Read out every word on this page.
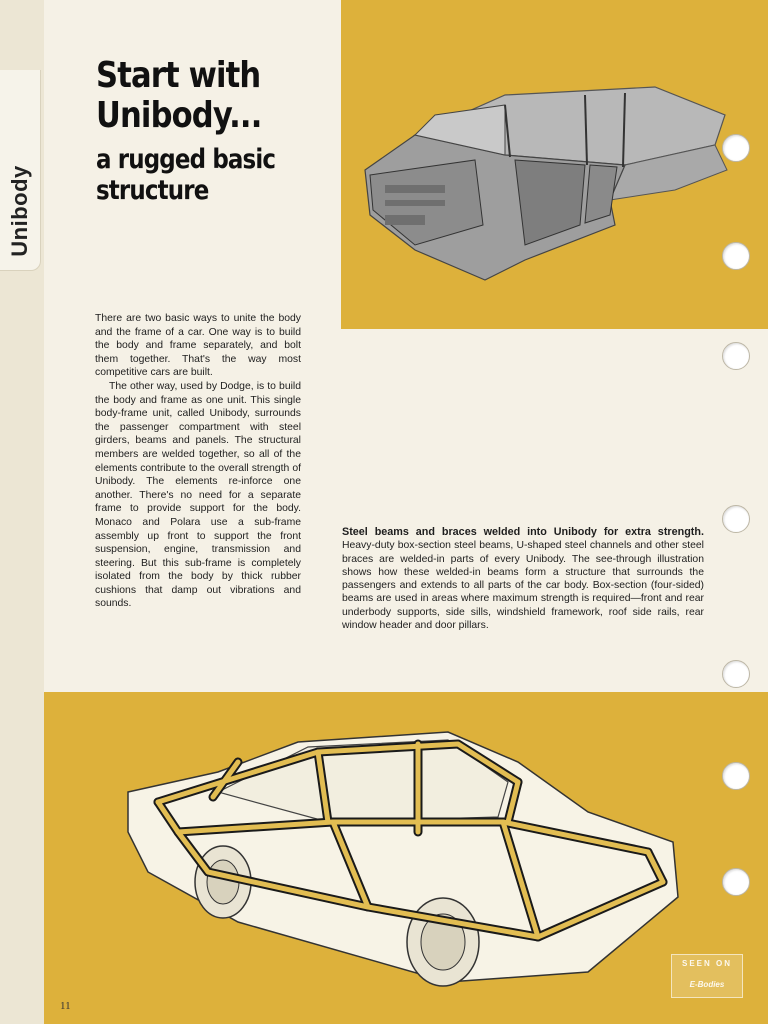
Unibody
Start with
Unibody...
a rugged basic
structure

There are two basic ways to unite the body and the frame of a car. One way is to build the body and frame separately, and bolt them together. That's the way most competitive cars are built.

The other way, used by Dodge, is to build the body and frame as one unit. This single body-frame unit, called Unibody, surrounds the passenger compartment with steel girders, beams and panels. The structural members are welded together, so all of the elements contribute to the overall strength of Unibody. The elements re-inforce one another. There's no need for a separate frame to provide support for the body. Monaco and Polara use a sub-frame assembly up front to support the front suspension, engine, transmission and steering. But this sub-frame is completely isolated from the body by thick rubber cushions that damp out vibrations and sounds.

Steel beams and braces welded into Unibody for extra strength. Heavy-duty box-section steel beams, U-shaped steel channels and other steel braces are welded-in parts of every Unibody. The see-through illustration shows how these welded-in beams form a structure that surrounds the passengers and extends to all parts of the car body. Box-section (four-sided) beams are used in areas where maximum strength is required—front and rear underbody supports, side sills, windshield framework, roof side rails, rear window header and door pillars.
11
SEEN ON
E-Bodies
